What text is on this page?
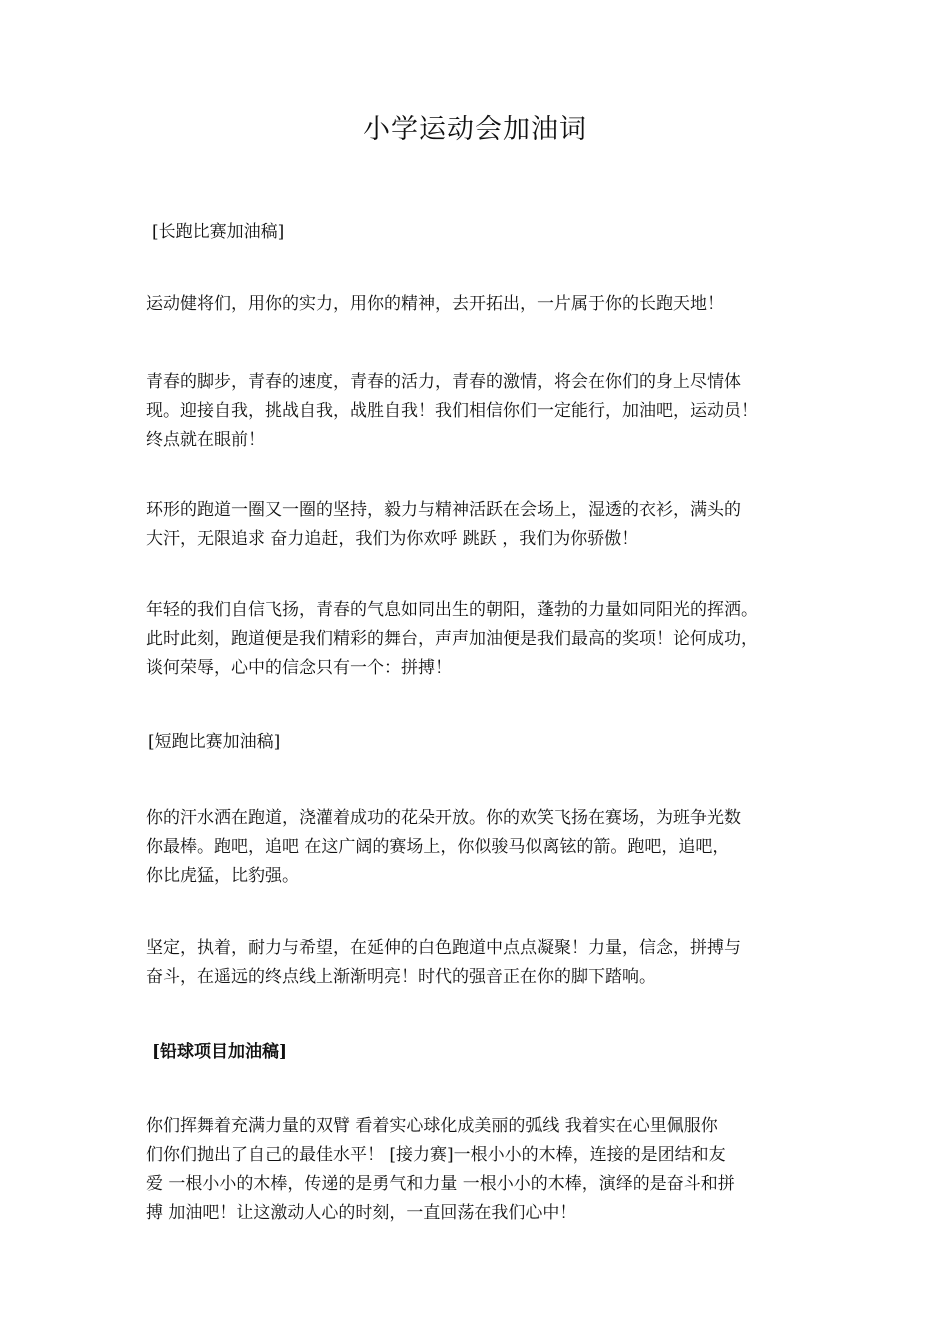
小学运动会加油词
[长跑比赛加油稿]
运动健将们，用你的实力，用你的精神，去开拓出，一片属于你的长跑天地！
青春的脚步，青春的速度，青春的活力，青春的激情，将会在你们的身上尽情体
现。迎接自我，挑战自我，战胜自我！我们相信你们一定能行，加油吧，运动员！
终点就在眼前！
环形的跑道一圈又一圈的坚持，毅力与精神活跃在会场上，湿透的衣衫，满头的
大汗，无限追求 奋力追赶，我们为你欢呼 跳跃 ，我们为你骄傲！
年轻的我们自信飞扬，青春的气息如同出生的朝阳，蓬勃的力量如同阳光的挥洒。
此时此刻，跑道便是我们精彩的舞台，声声加油便是我们最高的奖项！论何成功，
谈何荣辱，心中的信念只有一个：拼搏！
[短跑比赛加油稿]
你的汗水洒在跑道，浇灌着成功的花朵开放。你的欢笑飞扬在赛场，为班争光数
你最棒。跑吧，追吧 在这广阔的赛场上，你似骏马似离铉的箭。跑吧，追吧，
你比虎猛，比豹强。
坚定，执着，耐力与希望，在延伸的白色跑道中点点凝聚！力量，信念，拼搏与
奋斗，在遥远的终点线上渐渐明亮！时代的强音正在你的脚下踏响。
[铅球项目加油稿]
你们挥舞着充满力量的双臂 看着实心球化成美丽的弧线 我着实在心里佩服你
们你们抛出了自己的最佳水平！ [接力赛]一根小小的木棒，连接的是团结和友
爱 一根小小的木棒，传递的是勇气和力量 一根小小的木棒，演绎的是奋斗和拼
搏 加油吧！让这激动人心的时刻，一直回荡在我们心中！
